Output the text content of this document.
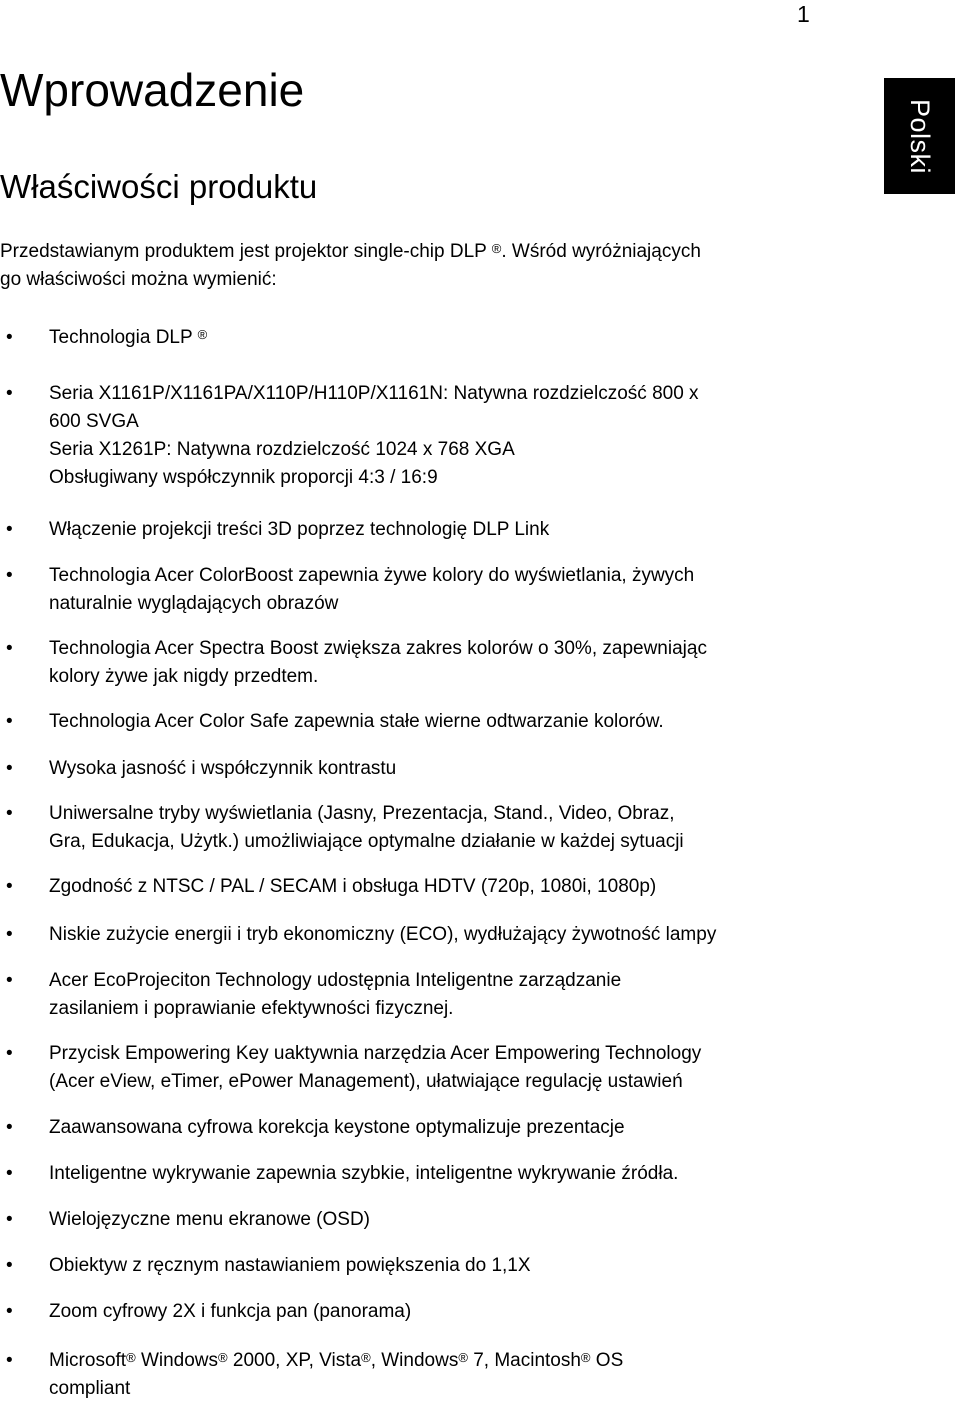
1
Polski
Wprowadzenie
Właściwości produktu

Przedstawianym produktem jest projektor single-chip DLP ®. Wśród wyróżniających
go właściwości można wymienić:

• Technologia DLP ®
• Seria X1161P/X1161PA/X110P/H110P/X1161N: Natywna rozdzielczość 800 x
600 SVGA
Seria X1261P: Natywna rozdzielczość 1024 x 768 XGA
Obsługiwany współczynnik proporcji 4:3 / 16:9
• Włączenie projekcji treści 3D poprzez technologię DLP Link
• Technologia Acer ColorBoost zapewnia żywe kolory do wyświetlania, żywych
naturalnie wyglądających obrazów
• Technologia Acer Spectra Boost zwiększa zakres kolorów o 30%, zapewniając
kolory żywe jak nigdy przedtem.
• Technologia Acer Color Safe zapewnia stałe wierne odtwarzanie kolorów.
• Wysoka jasność i współczynnik kontrastu
• Uniwersalne tryby wyświetlania (Jasny, Prezentacja, Stand., Video, Obraz,
Gra, Edukacja, Użytk.) umożliwiające optymalne działanie w każdej sytuacji
• Zgodność z NTSC / PAL / SECAM i obsługa HDTV (720p, 1080i, 1080p)
• Niskie zużycie energii i tryb ekonomiczny (ECO), wydłużający żywotność lampy
• Acer EcoProjeciton Technology udostępnia Inteligentne zarządzanie
zasilaniem i poprawianie efektywności fizycznej.
• Przycisk Empowering Key uaktywnia narzędzia Acer Empowering Technology
(Acer eView, eTimer, ePower Management), ułatwiające regulację ustawień
• Zaawansowana cyfrowa korekcja keystone optymalizuje prezentacje
• Inteligentne wykrywanie zapewnia szybkie, inteligentne wykrywanie źródła.
• Wielojęzyczne menu ekranowe (OSD)
• Obiektyw z ręcznym nastawianiem powiększenia do 1,1X
• Zoom cyfrowy 2X i funkcja pan (panorama)
• Microsoft® Windows® 2000, XP, Vista®, Windows® 7, Macintosh® OS
compliant
